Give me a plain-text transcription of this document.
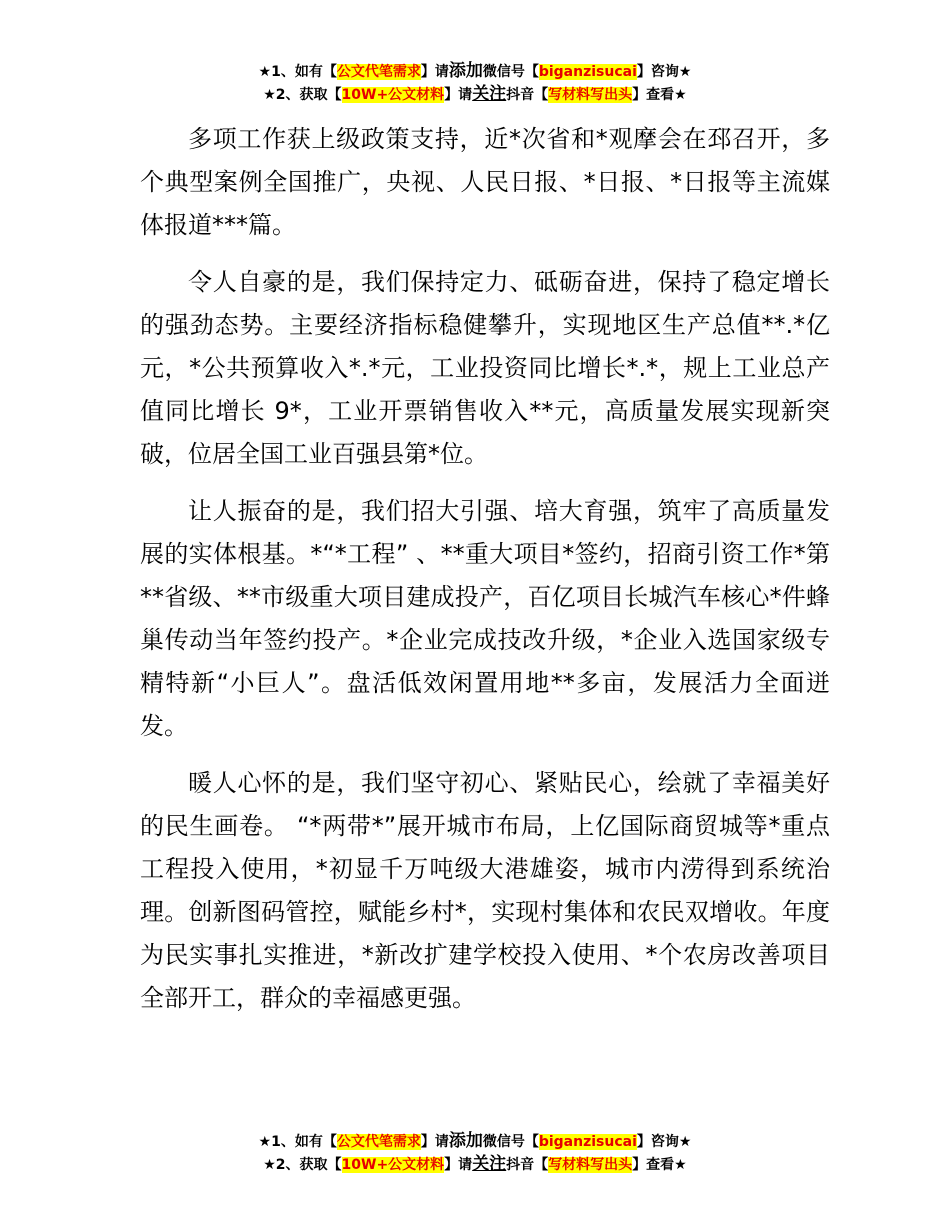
★1、如有【公文代笔需求】请添加微信号【biganzisucai】咨询★
★2、获取【10W+公文材料】请关注抖音【写材料写出头】查看★

多项工作获上级政策支持，近*次省和*观摩会在邳召开，多个典型案例全国推广，央视、人民日报、*日报、*日报等主流媒体报道***篇。

令人自豪的是，我们保持定力、砥砺奋进，保持了稳定增长的强劲态势。主要经济指标稳健攀升，实现地区生产总值**.*亿元，*公共预算收入*.*元，工业投资同比增长*.*，规上工业总产值同比增长 9*，工业开票销售收入**元，高质量发展实现新突破，位居全国工业百强县第*位。

让人振奋的是，我们招大引强、培大育强，筑牢了高质量发展的实体根基。*“*工程” 、**重大项目*签约，招商引资工作*第**省级、**市级重大项目建成投产，百亿项目长城汽车核心*件蜂巢传动当年签约投产。*企业完成技改升级，*企业入选国家级专精特新“小巨人”。盘活低效闲置用地**多亩，发展活力全面迸发。

暖人心怀的是，我们坚守初心、紧贴民心，绘就了幸福美好的民生画卷。 “*两带*”展开城市布局，上亿国际商贸城等*重点工程投入使用，*初显千万吨级大港雄姿，城市内涝得到系统治理。创新图码管控，赋能乡村*，实现村集体和农民双增收。年度为民实事扎实推进，*新改扩建学校投入使用、*个农房改善项目全部开工，群众的幸福感更强。

★1、如有【公文代笔需求】请添加微信号【biganzisucai】咨询★
★2、获取【10W+公文材料】请关注抖音【写材料写出头】查看★
